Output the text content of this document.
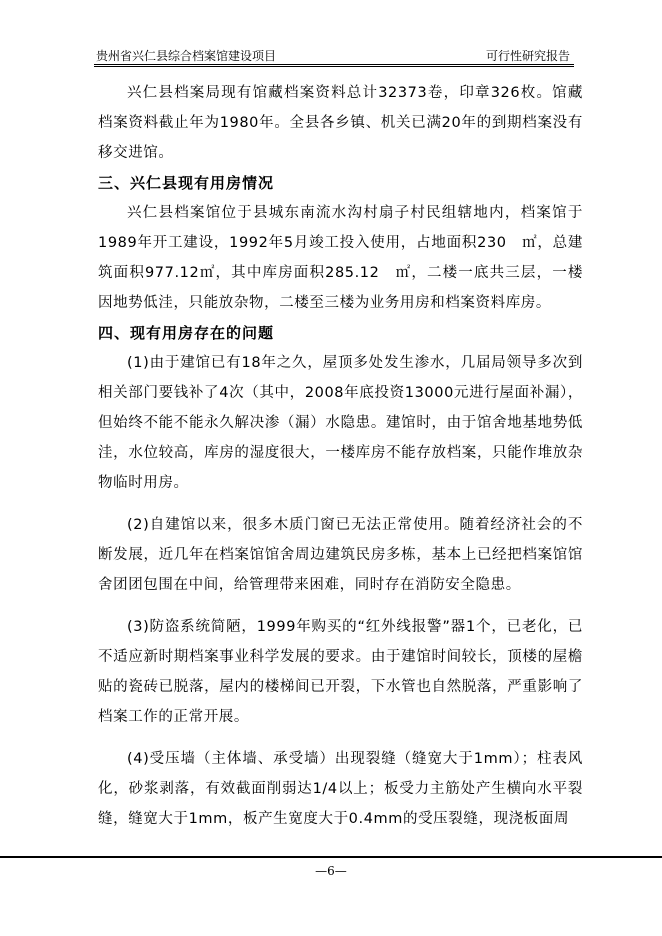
贵州省兴仁县综合档案馆建设项目	可行性研究报告

兴仁县档案局现有馆藏档案资料总计32373卷，印章326枚。馆藏档案资料截止年为1980年。全县各乡镇、机关已满20年的到期档案没有移交进馆。

三、兴仁县现有用房情况

兴仁县档案馆位于县城东南流水沟村扇子村民组辖地内，档案馆于1989年开工建设，1992年5月竣工投入使用，占地面积230　㎡，总建筑面积977.12㎡，其中库房面积285.12　㎡，二楼一底共三层，一楼因地势低洼，只能放杂物，二楼至三楼为业务用房和档案资料库房。

四、现有用房存在的问题

(1)由于建馆已有18年之久，屋顶多处发生渗水，几届局领导多次到相关部门要钱补了4次（其中，2008年底投资13000元进行屋面补漏），但始终不能不能永久解决渗（漏）水隐患。建馆时，由于馆舍地基地势低洼，水位较高，库房的湿度很大，一楼库房不能存放档案，只能作堆放杂物临时用房。

(2)自建馆以来，很多木质门窗已无法正常使用。随着经济社会的不断发展，近几年在档案馆馆舍周边建筑民房多栋，基本上已经把档案馆馆舍团团包围在中间，给管理带来困难，同时存在消防安全隐患。

(3)防盗系统简陋，1999年购买的“红外线报警”器1个，已老化，已不适应新时期档案事业科学发展的要求。由于建馆时间较长，顶楼的屋檐贴的瓷砖已脱落，屋内的楼梯间已开裂，下水管也自然脱落，严重影响了档案工作的正常开展。

(4)受压墙（主体墙、承受墙）出现裂缝（缝宽大于1mm）；柱表风化，砂浆剥落，有效截面削弱达1/4以上；板受力主筋处产生横向水平裂缝，缝宽大于1mm，板产生宽度大于0.4mm的受压裂缝，现浇板面周

—6—
